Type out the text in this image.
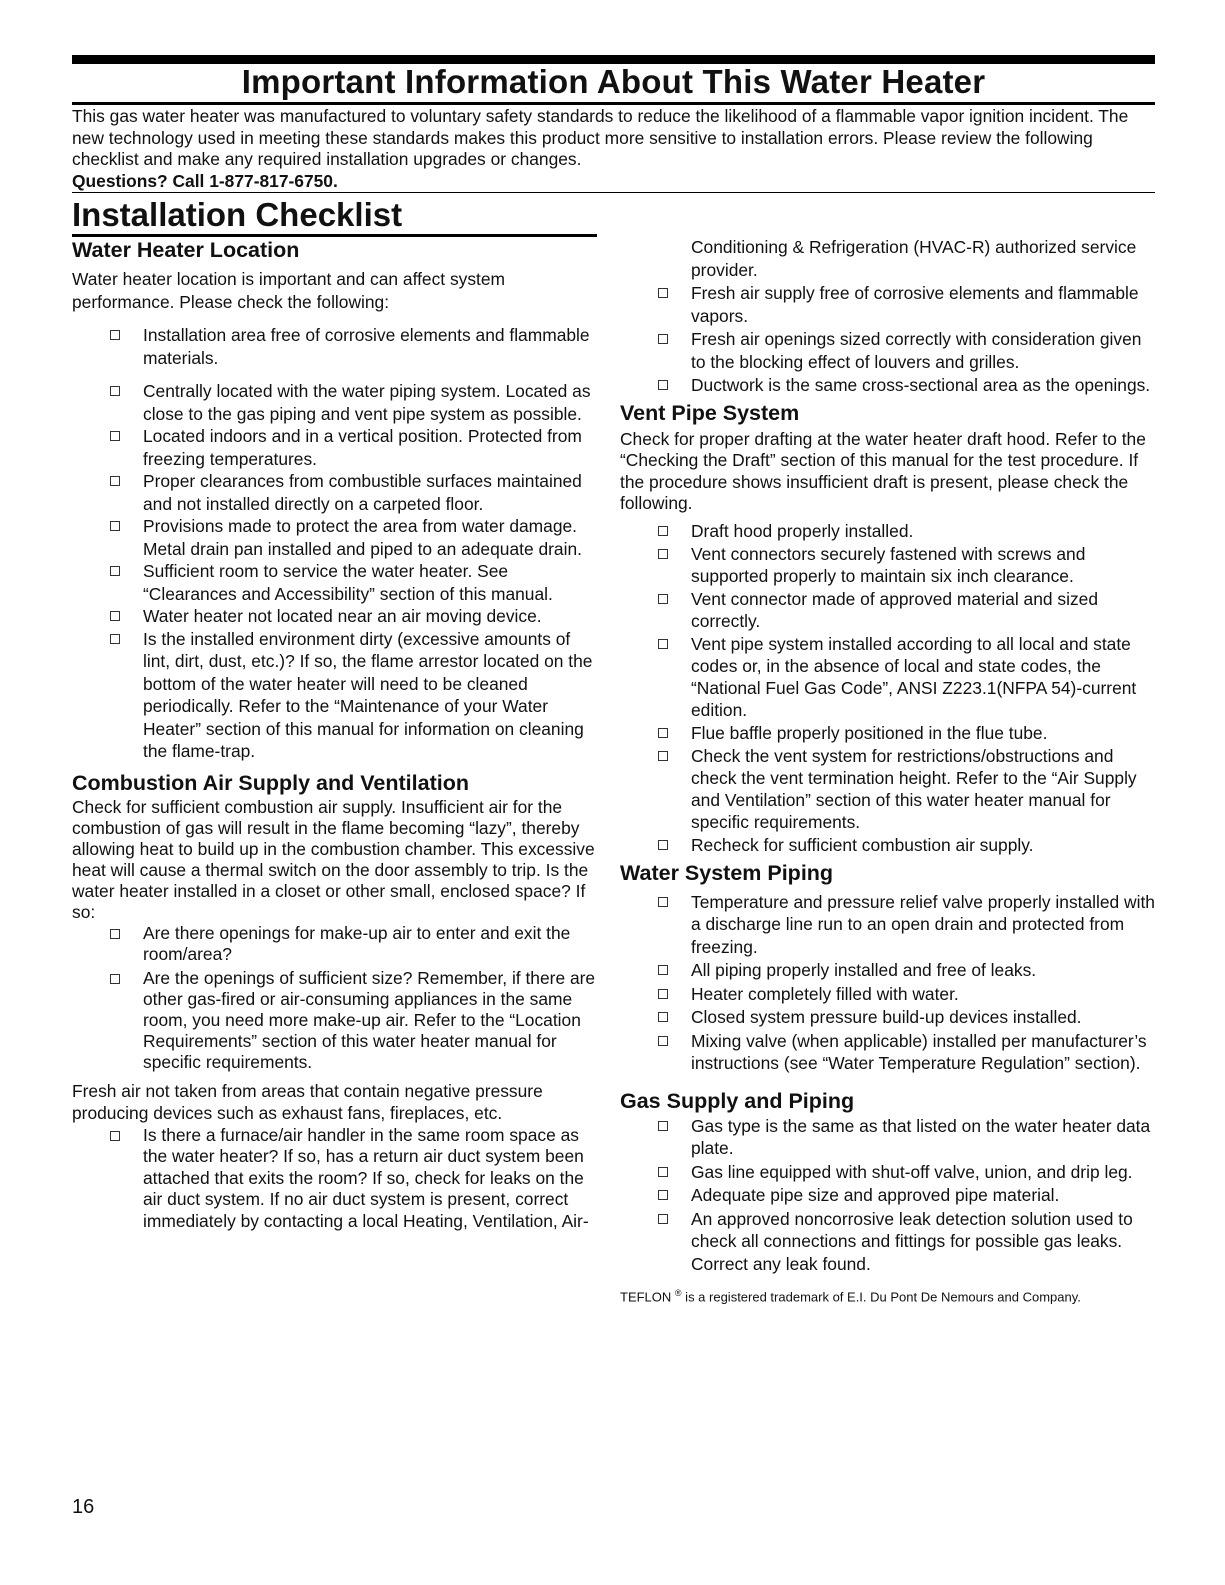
Important Information About This Water Heater

This gas water heater was manufactured to voluntary safety standards to reduce the likelihood of a flammable vapor ignition incident. The new technology used in meeting these standards makes this product more sensitive to installation errors. Please review the following checklist and make any required installation upgrades or changes.

Questions? Call 1-877-817-6750.

Installation Checklist
Water Heater Location

Water heater location is important and can affect system performance. Please check the following:

Installation area free of corrosive elements and flammable materials.
Centrally located with the water piping system. Located as close to the gas piping and vent pipe system as possible.
Located indoors and in a vertical position. Protected from freezing temperatures.
Proper clearances from combustible surfaces maintained and not installed directly on a carpeted floor.
Provisions made to protect the area from water damage. Metal drain pan installed and piped to an adequate drain.
Sufficient room to service the water heater. See “Clearances and Accessibility” section of this manual.
Water heater not located near an air moving device.
Is the installed environment dirty (excessive amounts of lint, dirt, dust, etc.)? If so, the flame arrestor located on the bottom of the water heater will need to be cleaned periodically. Refer to the “Maintenance of your Water Heater” section of this manual for information on cleaning the flame-trap.
Combustion Air Supply and Ventilation

Check for sufficient combustion air supply. Insufficient air for the combustion of gas will result in the flame becoming “lazy”, thereby allowing heat to build up in the combustion chamber. This excessive heat will cause a thermal switch on the door assembly to trip. Is the water heater installed in a closet or other small, enclosed space? If so:

Are there openings for make-up air to enter and exit the room/area?
Are the openings of sufficient size? Remember, if there are other gas-fired or air-consuming appliances in the same room, you need more make-up air. Refer to the “Location Requirements” section of this water heater manual for specific requirements.

Fresh air not taken from areas that contain negative pressure producing devices such as exhaust fans, fireplaces, etc.

Is there a furnace/air handler in the same room space as the water heater? If so, has a return air duct system been attached that exits the room? If so, check for leaks on the air duct system. If no air duct system is present, correct immediately by contacting a local Heating, Ventilation, Air-

Conditioning & Refrigeration (HVAC-R) authorized service provider.

Fresh air supply free of corrosive elements and flammable vapors.
Fresh air openings sized correctly with consideration given to the blocking effect of louvers and grilles.
Ductwork is the same cross-sectional area as the openings.
Vent Pipe System

Check for proper drafting at the water heater draft hood. Refer to the “Checking the Draft” section of this manual for the test procedure. If the procedure shows insufficient draft is present, please check the following.

Draft hood properly installed.
Vent connectors securely fastened with screws and supported properly to maintain six inch clearance.
Vent connector made of approved material and sized correctly.
Vent pipe system installed according to all local and state codes or, in the absence of local and state codes, the “National Fuel Gas Code”, ANSI Z223.1(NFPA 54)-current edition.
Flue baffle properly positioned in the flue tube.
Check the vent system for restrictions/obstructions and check the vent termination height. Refer to the “Air Supply and Ventilation” section of this water heater manual for specific requirements.
Recheck for sufficient combustion air supply.
Water System Piping
Temperature and pressure relief valve properly installed with a discharge line run to an open drain and protected from freezing.
All piping properly installed and free of leaks.
Heater completely filled with water.
Closed system pressure build-up devices installed.
Mixing valve (when applicable) installed per manufacturer’s instructions (see “Water Temperature Regulation” section).
Gas Supply and Piping
Gas type is the same as that listed on the water heater data plate.
Gas line equipped with shut-off valve, union, and drip leg.
Adequate pipe size and approved pipe material.
An approved noncorrosive leak detection solution used to check all connections and fittings for possible gas leaks. Correct any leak found.
TEFLON ® is a registered trademark of E.I. Du Pont De Nemours and Company.
16
